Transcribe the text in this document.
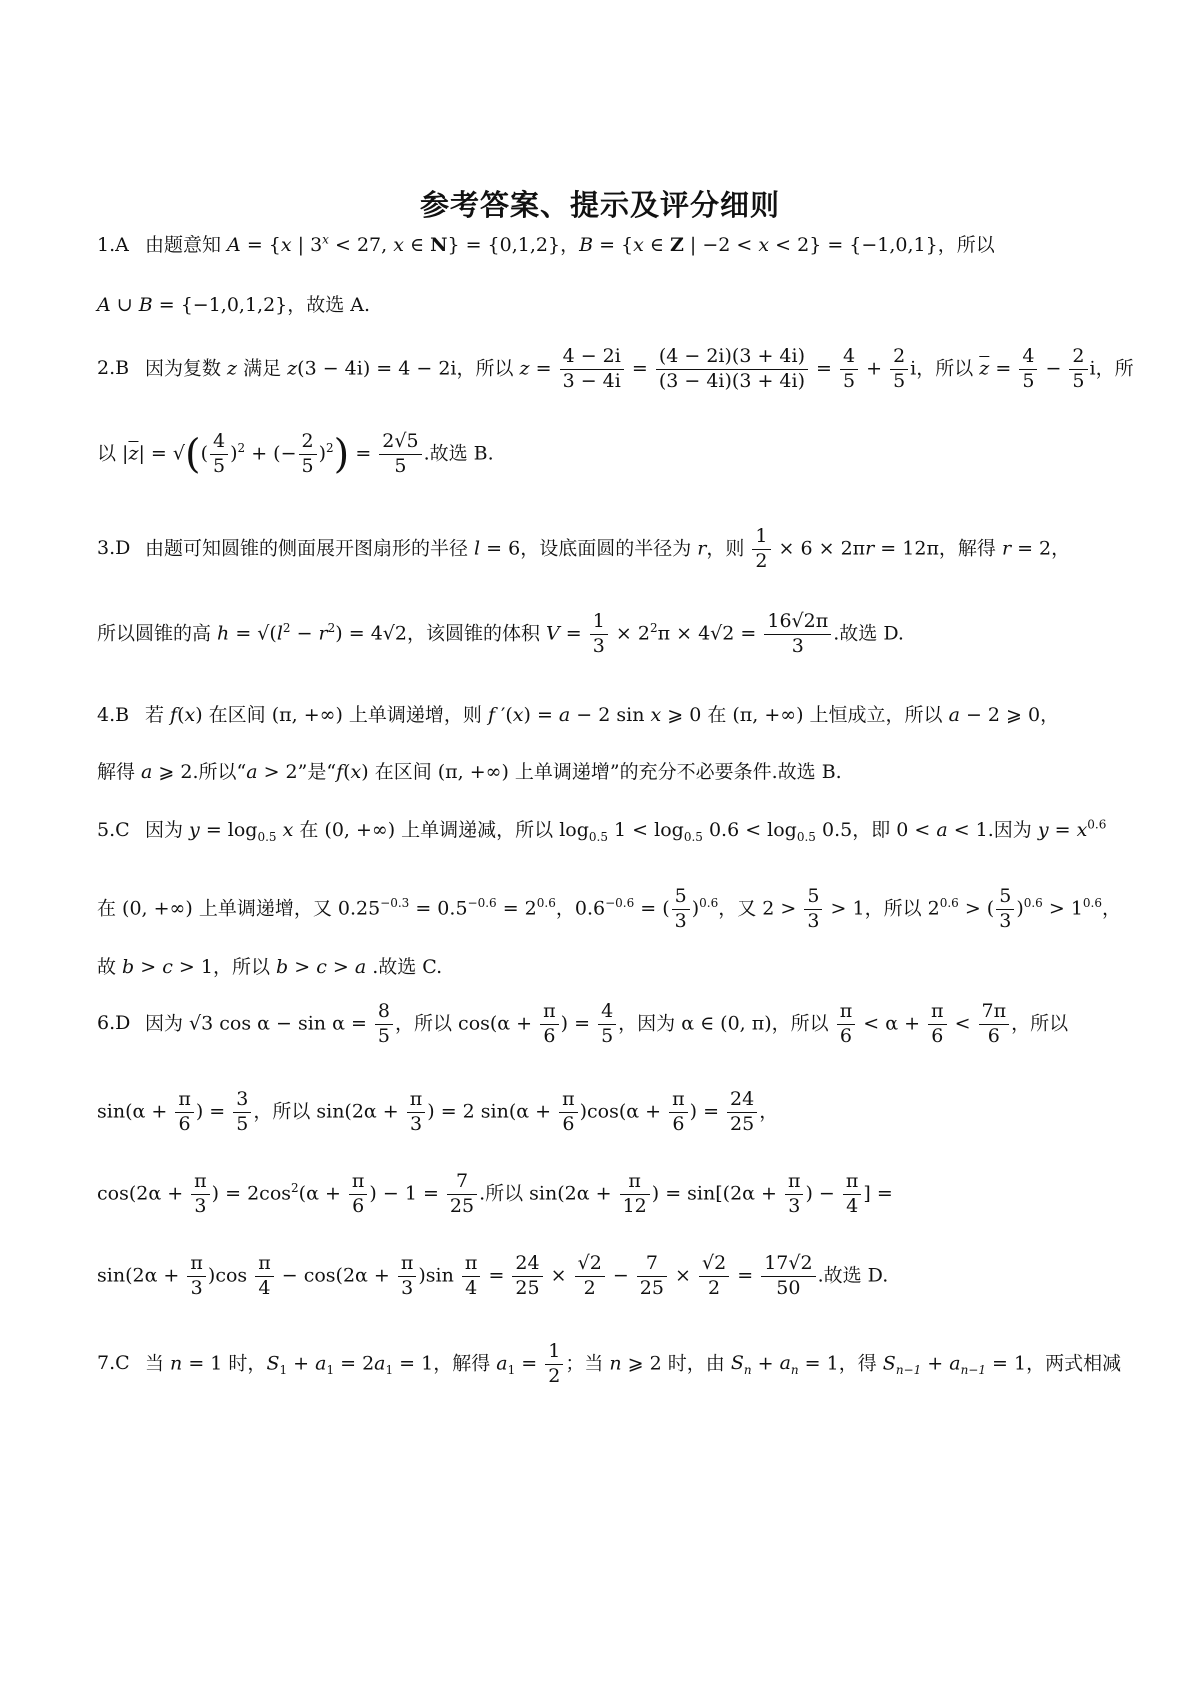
参考答案、提示及评分细则
1.A 由题意知 A = {x | $3^x < 27$, x ∈ N} = {0,1,2}，B = {x ∈ Z | −2 < x < 2} = {−1,0,1}，所以
A ∪ B = {−1,0,1,2}，故选 A.
2.B 因为复数 z 满足 z(3 − 4i) = 4 − 2i，所以 $z = \frac{4 - 2i}{3 - 4i} = \frac{(4 - 2i)(3 + 4i)}{(3 - 4i)(3 + 4i)} = \frac{4}{5} + \frac{2}{5}$ i，所以 $\overline{z} = \frac{4}{5} - \frac{2}{5}$ i，所
以 $|\overline{z}|$ = √(( $\frac{4}{5} )^2$ + (− $\frac{2}{5} )^2) = \frac{2√5}{5}$ .故选 B.
3.D 由题可知圆锥的侧面展开图扇形的半径 l = 6，设底面圆的半径为 r，则 $\frac{1}{2} \times 6 \times 2\pi r = 12\pi$，解得 r = 2，
所以圆锥的高 $h = √(l^2 - r^2) = 4√2$，该圆锥的体积 $V = \frac{1}{3} \times 2^2\pi \times 4√2 = \frac{16√2\pi}{3}$ .故选 D.
4.B 若 f(x) 在区间 (π, +∞) 上单调递增，则 f ′(x) = a − 2 sin x ⩾ 0 在 (π, +∞) 上恒成立，所以 a − 2 ⩾ 0，
解得 a ⩾ 2.所以“a > 2”是“f(x) 在区间 (π, +∞) 上单调递增”的充分不必要条件.故选 B.
5.C 因为 $y = \log_{0.5} x$ 在 (0, +∞) 上单调递减，所以 $\log_{0.5} 1 < \log_{0.5} 0.6 < \log_{0.5} 0.5$，即 0 < a < 1.因为 $y = x^{0.6}$
在 (0, +∞) 上单调递增，又 $0.25^{-0.3} = 0.5^{-0.6} = 2^{0.6}$，$0.6^{-0.6}$ = ( $\frac{5}{3} )^{0.6}$，又 $2 > \frac{5}{3} > 1$，所以 $2^{0.6}$ > ( $\frac{5}{3} )^{0.6} > 1^{0.6}$，
故 b > c > 1，所以 b > c > a .故选 C.
6.D 因为 √3 $\cos \alpha - \sin \alpha = \frac{8}{5}$ ，所以 $\cos(\alpha + \frac{\pi}{6}$ ) = $\frac{4}{5}$ ，因为 α ∈ (0, π)，所以 $\frac{\pi}{6} < \alpha + \frac{\pi}{6} < \frac{7\pi}{6}$ ，所以
$\sin(\alpha + \frac{\pi}{6}$ ) = $\frac{3}{5}$ ，所以 $\sin(2\alpha + \frac{\pi}{3}$ ) = 2 $\sin(\alpha + \frac{\pi}{6} )\cos(\alpha + \frac{\pi}{6}$ ) = $\frac{24}{25}$ ，
$\cos(2\alpha + \frac{\pi}{3}$ ) = $2\cos^2(\alpha + \frac{\pi}{6}$ ) − $1 = \frac{7}{25}$ .所以 $\sin(2\alpha + \frac{\pi}{12}$ ) = $\sin[(2\alpha + \frac{\pi}{3}$ ) − $\frac{\pi}{4}$ ] =
$\sin(2\alpha + \frac{\pi}{3} )\cos \frac{\pi}{4} - \cos(2\alpha + \frac{\pi}{3} )\sin \frac{\pi}{4} = \frac{24}{25} \times \frac{√2}{2} - \frac{7}{25} \times \frac{√2}{2} = \frac{17√2}{50}$ .故选 D.
7.C 当 n = 1 时，$S_1 + a_1 = 2a_1 = 1$，解得 $a_1 = \frac{1}{2}$ ；当 n ⩾ 2 时，由 $S_n + a_n = 1$，得 $S_{n-1} + a_{n-1} = 1$，两式相减
